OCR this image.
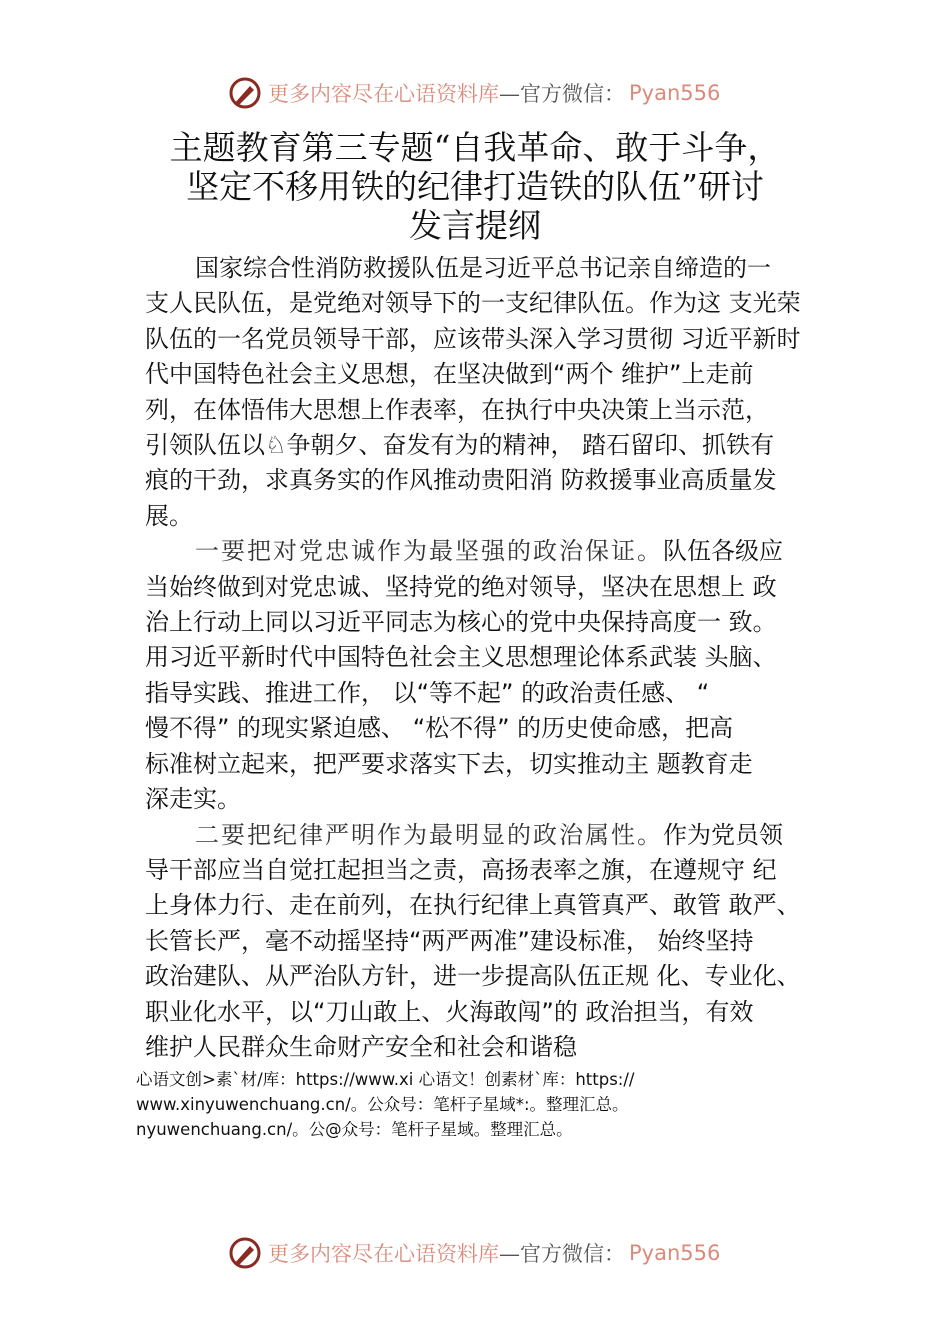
更多内容尽在心语资料库 —官方微信： Pyan556
主题教育第三专题“自我革命、敢于斗争，
坚定不移用铁的纪律打造铁的队伍”研讨
发言提纲
国家综合性消防救援队伍是习近平总书记亲自缔造的一
支人民队伍，是党绝对领导下的一支纪律队伍。作为这 支光荣
队伍的一名党员领导干部，应该带头深入学习贯彻 习近平新时
代中国特色社会主义思想，在坚决做到“两个 维护”上走前
列，在体悟伟大思想上作表率，在执行中央决策上当示范，
引领队伍以♘争朝夕、奋发有为的精神， 踏石留印、抓铁有
痕的干劲，求真务实的作风推动贵阳消 防救援事业高质量发
展。
一要把对党忠诚作为最坚强的政治保证。队伍各级应
当始终做到对党忠诚、坚持党的绝对领导，坚决在思想上 政
治上行动上同以习近平同志为核心的党中央保持高度一 致。
用习近平新时代中国特色社会主义思想理论体系武装 头脑、
指导实践、推进工作， 以“等不起” 的政治责任感、 “
慢不得” 的现实紧迫感、 “松不得” 的历史使命感，把高
标准树立起来，把严要求落实下去，切实推动主 题教育走
深走实。
二要把纪律严明作为最明显的政治属性。作为党员领
导干部应当自觉扛起担当之责，高扬表率之旗，在遵规守 纪
上身体力行、走在前列，在执行纪律上真管真严、敢管 敢严、
长管长严，毫不动摇坚持“两严两准”建设标准， 始终坚持
政治建队、从严治队方针，进一步提高队伍正规 化、专业化、
职业化水平，以“刀山敢上、火海敢闯”的 政治担当，有效
维护人民群众生命财产安全和社会和谐稳
心语文创>素`材/库：https://www.xi 心语文！创素材`库：https://
www.xinyuwenchuang.cn/。公众号：笔杆子星域*:。整理汇总。
nyuwenchuang.cn/。公@众号：笔杆子星域。整理汇总。
更多内容尽在心语资料库 —官方微信： Pyan556
